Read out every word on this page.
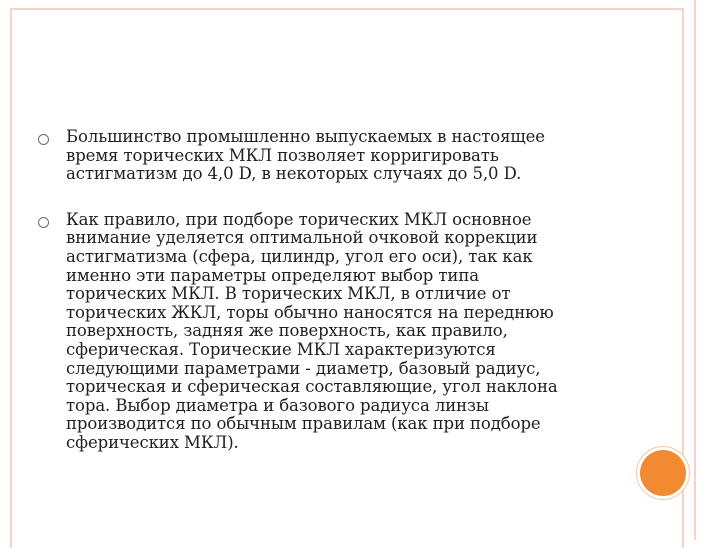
Большинство промышленно выпускаемых в настоящее
время торических МКЛ позволяет корригировать
астигматизм до 4,0 D, в некоторых случаях до 5,0 D.
Как правило, при подборе торических МКЛ основное
внимание уделяется оптимальной очковой коррекции
астигматизма (сфера, цилиндр, угол его оси), так как
именно эти параметры определяют выбор типа
торических МКЛ. В торических МКЛ, в отличие от
торических ЖКЛ, торы обычно наносятся на переднюю
поверхность, задняя же поверхность, как правило,
сферическая. Торические МКЛ характеризуются
следующими параметрами - диаметр, базовый радиус,
торическая и сферическая составляющие, угол наклона
тора. Выбор диаметра и базового радиуса линзы
производится по обычным правилам (как при подборе
сферических МКЛ).
